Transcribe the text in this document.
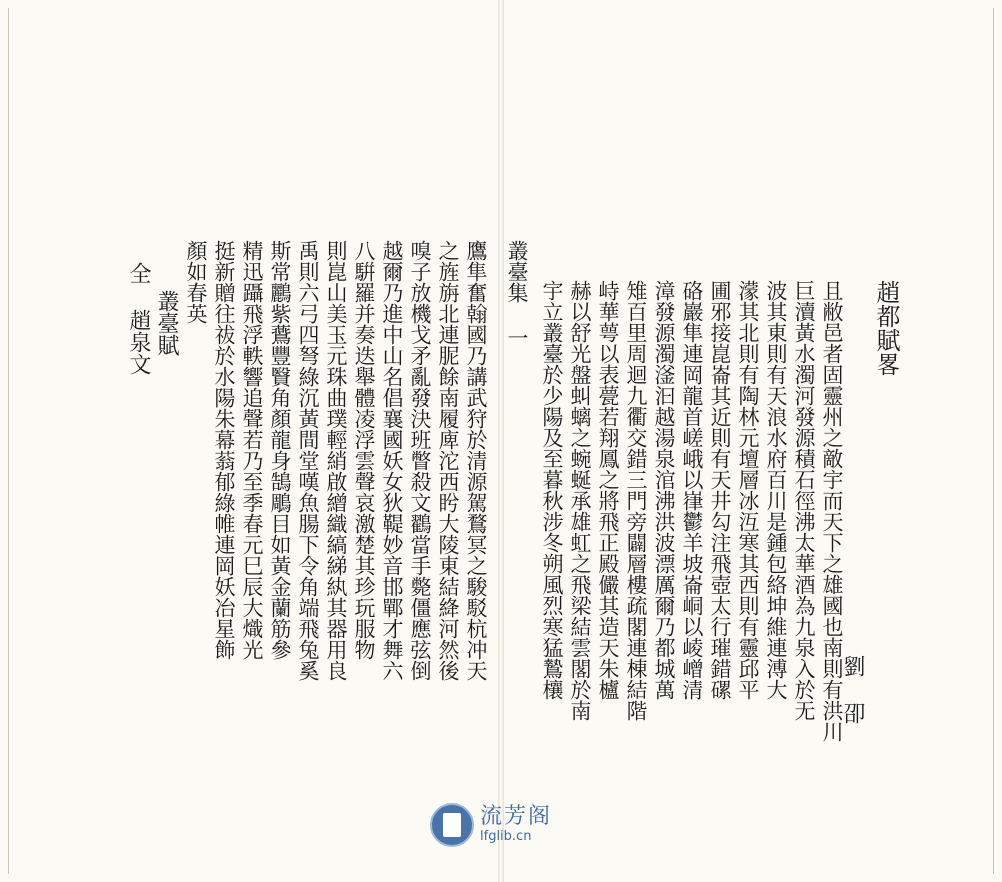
趙都賦畧
劉 卲
且敝邑者固靈州之敵宇而天下之雄國也南則有洪川
巨瀆黃水濁河發源積石徑沸太華酒為九泉入於无
波其東則有天浪水府百川是鍾包絡坤維連溥大
濛其北則有陶林元壇層冰沍寒其西則有靈邱平
圃邪接崑崙其近則有天井勾注飛壺太行璀錯磥
硌巖隼連岡龍首嵯峨以嵂鬱羊坡崙峒以崚嶒清
漳發源濁滏汩越湯泉涫沸洪波漂厲爾乃都城萬
雉百里周迴九衢交錯三門旁闢層樓疏閣連棟結階
峙華萼以表甍若翔鳳之將飛正殿儼其造天朱櫨
赫以舒光盤虯螭之蜿蜒承雄虹之飛梁結雲閣於南
宇立叢臺於少陽及至暮秋涉冬朔風烈寒猛鷙欀
叢臺集 一
鷹隼奮翰國乃講武狩於清源駕鶩冥之駿駁杭冲天
之旌旃北連胒餘南履庳沱西盻大陵東結絳河然後
嗅子放機戈矛亂發決班瞥殺文鸐當手斃僵應弦倒
越爾乃進中山名倡襄國妖女狄鞮妙音邯鄲才舞六
八騈羅并奏迭舉體凌浮雲聲哀激楚其珍玩服物
則崑山美玉元珠曲璞輕綃啟繒織縞綈紈其器用良
禹則六弓四弩綠沉黃間堂嘆魚腸下令角端飛兔奚
斯常鸝紫鷰豐贀角顏龍身鵠鵰目如黃金蘭筋參
精迅躡飛浮軼響追聲若乃至季春元巳辰大熾光
挺新贈往祓於水陽朱幕蓊郁綠帷連岡妖冶星飾
顏如春英
叢臺賦
全 趙泉文
流芳阁
lfglib.cn
